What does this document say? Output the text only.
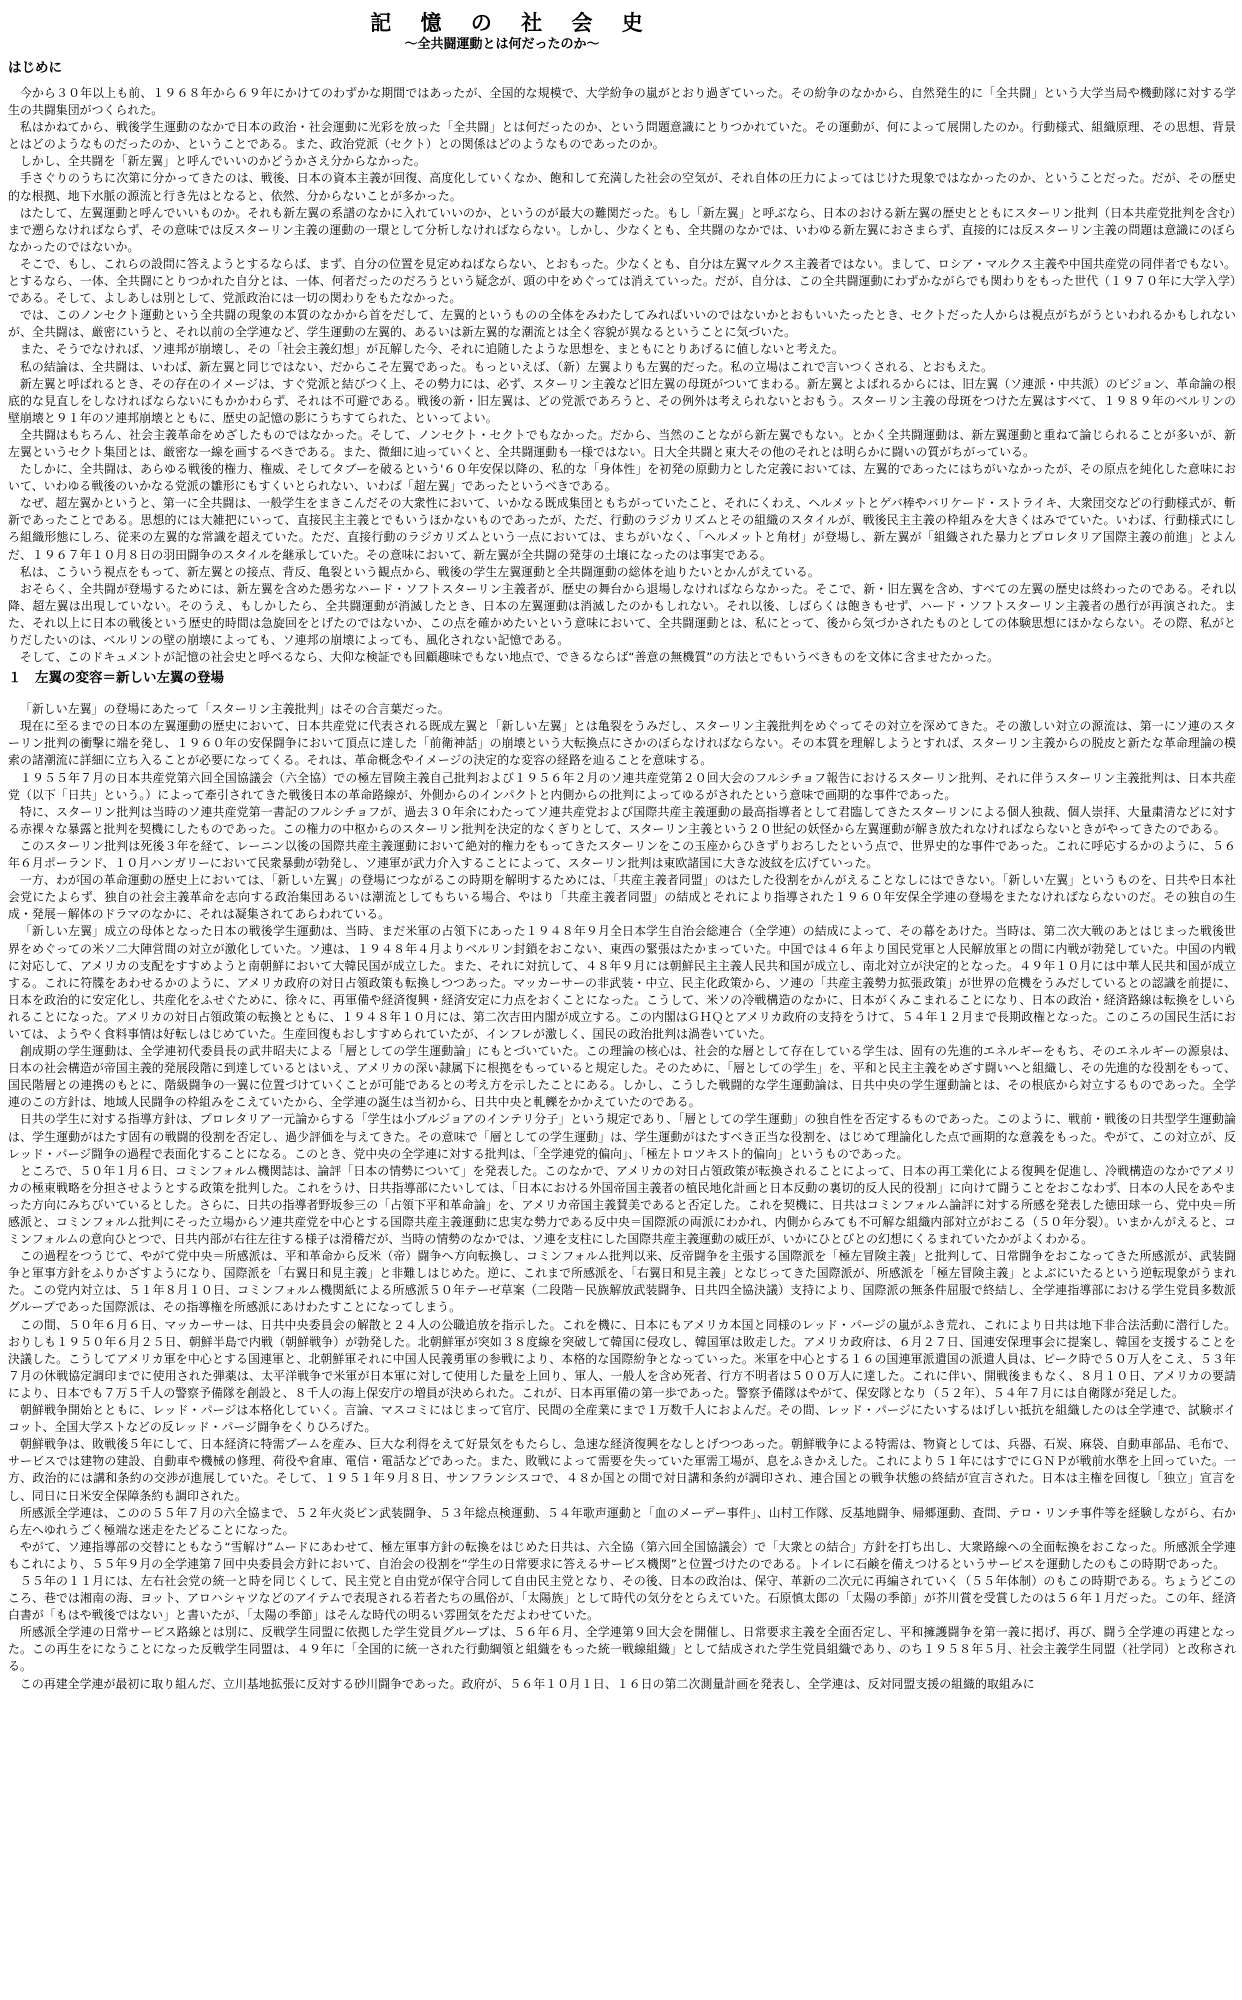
記 憶 の 社 会 史
～全共闘運動とは何だったのか～
はじめに

今から３０年以上も前、１９６８年から６９年にかけてのわずかな期間ではあったが、全国的な規模で、大学紛争の嵐がとおり過ぎていった。その紛争のなかから、自然発生的に「全共闘」という大学当局や機動隊に対する学生の共闘集団がつくられた。

私はかねてから、戦後学生運動のなかで日本の政治・社会運動に光彩を放った「全共闘」とは何だったのか、という問題意識にとりつかれていた。その運動が、何によって展開したのか。行動様式、組織原理、その思想、背景とはどのようなものだったのか、ということである。また、政治党派（セクト）との関係はどのようなものであったのか。

しかし、全共闘を「新左翼」と呼んでいいのかどうかさえ分からなかった。

手さぐりのうちに次第に分かってきたのは、戦後、日本の資本主義が回復、高度化していくなか、飽和して充満した社会の空気が、それ自体の圧力によってはじけた現象ではなかったのか、ということだった。だが、その歴史的な根拠、地下水脈の源流と行き先はとなると、依然、分からないことが多かった。

はたして、左翼運動と呼んでいいものか。それも新左翼の系譜のなかに入れていいのか、というのが最大の難関だった。もし「新左翼」と呼ぶなら、日本のおける新左翼の歴史とともにスターリン批判（日本共産党批判を含む）まで遡らなければならず、その意味では反スターリン主義の運動の一環として分析しなければならない。しかし、少なくとも、全共闘のなかでは、いわゆる新左翼におさまらず、直接的には反スターリン主義の問題は意識にのぼらなかったのではないか。

そこで、もし、これらの設問に答えようとするならば、まず、自分の位置を見定めねばならない、とおもった。少なくとも、自分は左翼マルクス主義者ではない。まして、ロシア・マルクス主義や中国共産党の同伴者でもない。とするなら、一体、全共闘にとりつかれた自分とは、一体、何者だったのだろうという疑念が、頭の中をめぐっては消えていった。だが、自分は、この全共闘運動にわずかながらでも関わりをもった世代（１９７０年に大学入学）である。そして、よしあしは別として、党派政治には一切の関わりをもたなかった。

では、このノンセクト運動という全共闘の現象の本質のなかから首をだして、左翼的というものの全体をみわたしてみればいいのではないかとおもいいたったとき、セクトだった人からは視点がちがうといわれるかもしれないが、全共闘は、厳密にいうと、それ以前の全学連など、学生運動の左翼的、あるいは新左翼的な潮流とは全く容貌が異なるということに気づいた。

また、そうでなければ、ソ連邦が崩壊し、その「社会主義幻想」が瓦解した今、それに追随したような思想を、まともにとりあげるに値しないと考えた。

私の結論は、全共闘は、いわば、新左翼と同じではない、だからこそ左翼であった。もっといえば、（新）左翼よりも左翼的だった。私の立場はこれで言いつくされる、とおもえた。

新左翼と呼ばれるとき、その存在のイメージは、すぐ党派と結びつく上、その勢力には、必ず、スターリン主義など旧左翼の母斑がついてまわる。新左翼とよばれるからには、旧左翼（ソ連派・中共派）のビジョン、革命論の根底的な見直しをしなければならないにもかかわらず、それは不可避である。戦後の新・旧左翼は、どの党派であろうと、その例外は考えられないとおもう。スターリン主義の母斑をつけた左翼はすべて、１９８９年のベルリンの壁崩壊と９１年のソ連邦崩壊とともに、歴史の記憶の影にうちすてられた、といってよい。

全共闘はもちろん、社会主義革命をめざしたものではなかった。そして、ノンセクト・セクトでもなかった。だから、当然のことながら新左翼でもない。とかく全共闘運動は、新左翼運動と重ねて論じられることが多いが、新左翼というセクト集団とは、厳密な一線を画するべきである。また、微細に辿っていくと、全共闘運動も一様ではない。日大全共闘と東大その他のそれとは明らかに闘いの質がちがっている。

たしかに、全共闘は、あらゆる戦後的権力、権威、そしてタブーを破るという'６０年安保以降の、私的な「身体性」を初発の原動力とした定義においては、左翼的であったにはちがいなかったが、その原点を純化した意味において、いわゆる戦後のいかなる党派の雛形にもすくいとられない、いわば「超左翼」であったというべきである。

なぜ、超左翼かというと、第一に全共闘は、一般学生をまきこんだその大衆性において、いかなる既成集団ともちがっていたこと、それにくわえ、ヘルメットとゲバ棒やバリケード・ストライキ、大衆団交などの行動様式が、斬新であったことである。思想的には大雑把にいって、直接民主主義とでもいうほかないものであったが、ただ、行動のラジカリズムとその組織のスタイルが、戦後民主主義の枠組みを大きくはみでていた。いわば、行動様式にしろ組織形態にしろ、従来の左翼的な常識を超えていた。ただ、直接行動のラジカリズムという一点においては、まちがいなく、「ヘルメットと角材」が登場し、新左翼が「組織された暴力とプロレタリア国際主義の前進」とよんだ、１９６７年１０月８日の羽田闘争のスタイルを継承していた。その意味において、新左翼が全共闘の発芽の土壌になったのは事実である。

私は、こういう視点をもって、新左翼との接点、背反、亀裂という観点から、戦後の学生左翼運動と全共闘運動の総体を辿りたいとかんがえている。

おそらく、全共闘が登場するためには、新左翼を含めた愚劣なハード・ソフトスターリン主義者が、歴史の舞台から退場しなければならなかった。そこで、新・旧左翼を含め、すべての左翼の歴史は終わったのである。それ以降、超左翼は出現していない。そのうえ、もしかしたら、全共闘運動が消滅したとき、日本の左翼運動は消滅したのかもしれない。それ以後、しばらくは飽きもせず、ハード・ソフトスターリン主義者の愚行が再演された。また、それ以上に日本の戦後という歴史的時間は急旋回をとげたのではないか、この点を確かめたいという意味において、全共闘運動とは、私にとって、後から気づかされたものとしての体験思想にほかならない。その際、私がとりだしたいのは、ベルリンの壁の崩壊によっても、ソ連邦の崩壊によっても、風化されない記憶である。

そして、このドキュメントが記憶の社会史と呼べるなら、大仰な検証でも回顧趣味でもない地点で、できるならば“善意の無機質”の方法とでもいうべきものを文体に含ませたかった。

１　左翼の変容＝新しい左翼の登場

「新しい左翼」の登場にあたって「スターリン主義批判」はその合言葉だった。

現在に至るまでの日本の左翼運動の歴史において、日本共産党に代表される既成左翼と「新しい左翼」とは亀裂をうみだし、スターリン主義批判をめぐってその対立を深めてきた。その激しい対立の源流は、第一にソ連のスターリン批判の衝撃に端を発し、１９６０年の安保闘争において頂点に達した「前衛神話」の崩壊という大転換点にさかのぼらなければならない。その本質を理解しようとすれば、スターリン主義からの脱皮と新たな革命理論の模索の諸潮流に詳細に立ち入ることが必要になってくる。それは、革命概念やイメージの決定的な変容の経路を辿ることを意味する。

１９５５年７月の日本共産党第六回全国協議会（六全協）での極左冒険主義自己批判および１９５６年２月のソ連共産党第２０回大会のフルシチョフ報告におけるスターリン批判、それに伴うスターリン主義批判は、日本共産党（以下「日共」という。）によって牽引されてきた戦後日本の革命路線が、外側からのインパクトと内側からの批判によってゆるがされたという意味で画期的な事件であった。

特に、スターリン批判は当時のソ連共産党第一書記のフルシチョフが、過去３０年余にわたってソ連共産党および国際共産主義運動の最高指導者として君臨してきたスターリンによる個人独裁、個人崇拝、大量粛清などに対する赤裸々な暴露と批判を契機にしたものであった。この権力の中枢からのスターリン批判を決定的なくぎりとして、スターリン主義という２０世紀の妖怪から左翼運動が解き放たれなければならないときがやってきたのである。

このスターリン批判は死後３年を経て、レーニン以後の国際共産主義運動において絶対的権力をもってきたスターリンをこの玉座からひきずりおろしたという点で、世界史的な事件であった。これに呼応するかのように、５６年６月ポーランド、１０月ハンガリーにおいて民衆暴動が勃発し、ソ連軍が武力介入することによって、スターリン批判は東欧諸国に大きな波紋を広げていった。

一方、わが国の革命運動の歴史上においては、「新しい左翼」の登場につながるこの時期を解明するためには、「共産主義者同盟」のはたした役割をかんがえることなしにはできない。「新しい左翼」というものを、日共や日本社会党にたよらず、独自の社会主義革命を志向する政治集団あるいは潮流としてもちいる場合、やはり「共産主義者同盟」の結成とそれにより指導された１９６０年安保全学連の登場をまたなければならないのだ。その独自の生成・発展－解体のドラマのなかに、それは凝集されてあらわれている。

「新しい左翼」成立の母体となった日本の戦後学生運動は、当時、まだ米軍の占領下にあった１９４８年９月全日本学生自治会総連合（全学連）の結成によって、その幕をあけた。当時は、第二次大戦のあとはじまった戦後世界をめぐっての米ソ二大陣営間の対立が激化していた。ソ連は、１９４８年４月よりベルリン封鎖をおこない、東西の緊張はたかまっていた。中国では４６年より国民党軍と人民解放軍との間に内戦が勃発していた。中国の内戦に対応して、アメリカの支配をすすめようと南朝鮮において大韓民国が成立した。また、それに対抗して、４８年９月には朝鮮民主主義人民共和国が成立し、南北対立が決定的となった。４９年１０月には中華人民共和国が成立する。これに符牒をあわせるかのように、アメリカ政府の対日占領政策も転換しつつあった。マッカーサーの非武装・中立、民主化政策から、ソ連の「共産主義勢力拡張政策」が世界の危機をうみだしているとの認識を前提に、日本を政治的に安定化し、共産化をふせぐために、徐々に、再軍備や経済復興・経済安定に力点をおくことになった。こうして、米ソの冷戦構造のなかに、日本がくみこまれることになり、日本の政治・経済路線は転換をしいられることになった。アメリカの対日占領政策の転換とともに、１９４８年１０月には、第二次吉田内閣が成立する。この内閣はＧＨＱとアメリカ政府の支持をうけて、５４年１２月まで長期政権となった。このころの国民生活においては、ようやく食料事情は好転しはじめていた。生産回復もおしすすめられていたが、インフレが激しく、国民の政治批判は渦巻いていた。

創成期の学生運動は、全学連初代委員長の武井昭夫による「層としての学生運動論」にもとづいていた。この理論の核心は、社会的な層として存在している学生は、固有の先進的エネルギーをもち、そのエネルギーの源泉は、日本の社会構造が帝国主義的発展段階に到達しているとはいえ、アメリカの深い隷属下に根拠をもっていると規定した。そのために、「層としての学生」を、平和と民主主義をめざす闘いへと組織し、その先進的な役割をもって、国民階層との連携のもとに、階級闘争の一翼に位置づけていくことが可能であるとの考え方を示したことにある。しかし、こうした戦闘的な学生運動論は、日共中央の学生運動論とは、その根底から対立するものであった。全学連のこの方針は、地域人民闘争の枠組みをこえていたから、全学連の誕生は当初から、日共中央と軋轢をかかえていたのである。

日共の学生に対する指導方針は、プロレタリア一元論からする「学生は小ブルジョアのインテリ分子」という規定であり、「層としての学生運動」の独自性を否定するものであった。このように、戦前・戦後の日共型学生運動論は、学生運動がはたす固有の戦闘的役割を否定し、過少評価を与えてきた。その意味で「層としての学生運動」は、学生運動がはたすべき正当な役割を、はじめて理論化した点で画期的な意義をもった。やがて、この対立が、反レッド・パージ闘争の過程で表面化することになる。このとき、党中央の全学連に対する批判は、「全学連党的偏向」、「極左トロツキスト的偏向」というものであった。

ところで、５０年１月６日、コミンフォルム機関誌は、論評「日本の情勢について」を発表した。このなかで、アメリカの対日占領政策が転換されることによって、日本の再工業化による復興を促進し、冷戦構造のなかでアメリカの極東戦略を分担させようとする政策を批判した。これをうけ、日共指導部にたいしては、「日本における外国帝国主義者の植民地化計画と日本反動の裏切的反人民的役割」に向けて闘うことをおこなわず、日本の人民をあやまった方向にみちびいているとした。さらに、日共の指導者野坂参三の「占領下平和革命論」を、アメリカ帝国主義賛美であると否定した。これを契機に、日共はコミンフォルム論評に対する所感を発表した徳田球一ら、党中央＝所感派と、コミンフォルム批判にそった立場からソ連共産党を中心とする国際共産主義運動に忠実な勢力である反中央＝国際派の両派にわかれ、内側からみても不可解な組織内部対立がおこる（５０年分裂）。いまかんがえると、コミンフォルムの意向ひとつで、日共内部が右往左往する様子は滑稽だが、当時の情勢のなかでは、ソ連を支柱にした国際共産主義運動の威圧が、いかにひとびとの幻想にくるまれていたかがよくわかる。

この過程をつうじて、やがて党中央＝所感派は、平和革命から反米（帝）闘争へ方向転換し、コミンフォルム批判以来、反帝闘争を主張する国際派を「極左冒険主義」と批判して、日常闘争をおこなってきた所感派が、武装闘争と軍事方針をふりかざすようになり、国際派を「右翼日和見主義」と非難しはじめた。逆に、これまで所感派を、「右翼日和見主義」となじってきた国際派が、所感派を「極左冒険主義」とよぶにいたるという逆転現象がうまれた。この党内対立は、５１年８月１０日、コミンフォルム機関紙による所感派５０年テーゼ草案（二段階－民族解放武装闘争、日共四全協決議）支持により、国際派の無条件屈服で終結し、全学連指導部における学生党員多数派グループであった国際派は、その指導権を所感派にあけわたすことになってしまう。

この間、５０年６月６日、マッカーサーは、日共中央委員会の解散と２４人の公職追放を指示した。これを機に、日本にもアメリカ本国と同様のレッド・パージの嵐がふき荒れ、これにより日共は地下非合法活動に潜行した。おりしも１９５０年６月２５日、朝鮮半島で内戦（朝鮮戦争）が勃発した。北朝鮮軍が突如３８度線を突破して韓国に侵攻し、韓国軍は敗走した。アメリカ政府は、６月２７日、国連安保理事会に提案し、韓国を支援することを決議した。こうしてアメリカ軍を中心とする国連軍と、北朝鮮軍それに中国人民義勇軍の参戦により、本格的な国際紛争となっていった。米軍を中心とする１６の国連軍派遣国の派遣人員は、ピーク時で５０万人をこえ、５３年７月の休戦協定調印までに使用された弾薬は、太平洋戦争で米軍が日本軍に対して使用した量を上回り、軍人、一般人を含め死者、行方不明者は５００万人に達した。これに伴い、開戦後まもなく、８月１０日、アメリカの要請により、日本でも７万５千人の警察予備隊を創設と、８千人の海上保安庁の増員が決められた。これが、日本再軍備の第一歩であった。警察予備隊はやがて、保安隊となり（５２年）、５４年７月には自衛隊が発足した。

朝鮮戦争開始とともに、レッド・パージは本格化していく。言論、マスコミにはじまって官庁、民間の全産業にまで１万数千人におよんだ。その間、レッド・パージにたいするはげしい抵抗を組織したのは全学連で、試験ボイコット、全国大学ストなどの反レッド・パージ闘争をくりひろげた。

朝鮮戦争は、敗戦後５年にして、日本経済に特需ブームを産み、巨大な利得をえて好景気をもたらし、急速な経済復興をなしとげつつあった。朝鮮戦争による特需は、物資としては、兵器、石炭、麻袋、自動車部品、毛布で、サービスでは建物の建設、自動車や機械の修理、荷役や倉庫、電信・電話などであった。また、敗戦によって需要を失っていた軍需工場が、息をふきかえした。これにより５１年にはすでにＧＮＰが戦前水準を上回っていた。一方、政治的には講和条約の交渉が進展していた。そして、１９５１年９月８日、サンフランシスコで、４８か国との間で対日講和条約が調印され、連合国との戦争状態の終結が宣言された。日本は主権を回復し「独立」宣言をし、同日に日米安全保障条約も調印された。

所感派全学連は、このの５５年７月の六全協まで、５２年火炎ビン武装闘争、５３年総点検運動、５４年歌声運動と「血のメーデー事件」、山村工作隊、反基地闘争、帰郷運動、査問、テロ・リンチ事件等を経験しながら、右から左へゆれうごく極端な迷走をたどることになった。

やがて、ソ連指導部の交替にともなう“雪解け”ムードにあわせて、極左軍事方針の転換をはじめた日共は、六全協（第六回全国協議会）で「大衆との結合」方針を打ち出し、大衆路線への全面転換をおこなった。所感派全学連もこれにより、５５年９月の全学連第７回中央委員会方針において、自治会の役割を“学生の日常要求に答えるサービス機関”と位置づけたのである。トイレに石鹸を備えつけるというサービスを運動したのもこの時期であった。

５５年の１１月には、左右社会党の統一と時を同じくして、民主党と自由党が保守合同して自由民主党となり、その後、日本の政治は、保守、革新の二次元に再編されていく（５５年体制）のもこの時期である。ちょうどこのころ、巷では湘南の海、ヨット、アロハシャツなどのアイテムで表現される若者たちの風俗が、「太陽族」として時代の気分をとらえていた。石原慎太郎の「太陽の季節」が芥川賞を受賞したのは５６年１月だった。この年、経済白書が「もはや戦後ではない」と書いたが、「太陽の季節」はそんな時代の明るい雰囲気をただよわせていた。

所感派全学連の日常サービス路線とは別に、反戦学生同盟に依拠した学生党員グループは、５６年６月、全学連第９回大会を開催し、日常要求主義を全面否定し、平和擁護闘争を第一義に掲げ、再び、闘う全学連の再建となった。この再生をになうことになった反戦学生同盟は、４９年に「全国的に統一された行動綱領と組織をもった統一戦線組織」として結成された学生党員組織であり、のち１９５８年５月、社会主義学生同盟（社学同）と改称される。

この再建全学連が最初に取り組んだ、立川基地拡張に反対する砂川闘争であった。政府が、５６年１０月１日、１６日の第二次測量計画を発表し、全学連は、反対同盟支援の組織的取組みに
